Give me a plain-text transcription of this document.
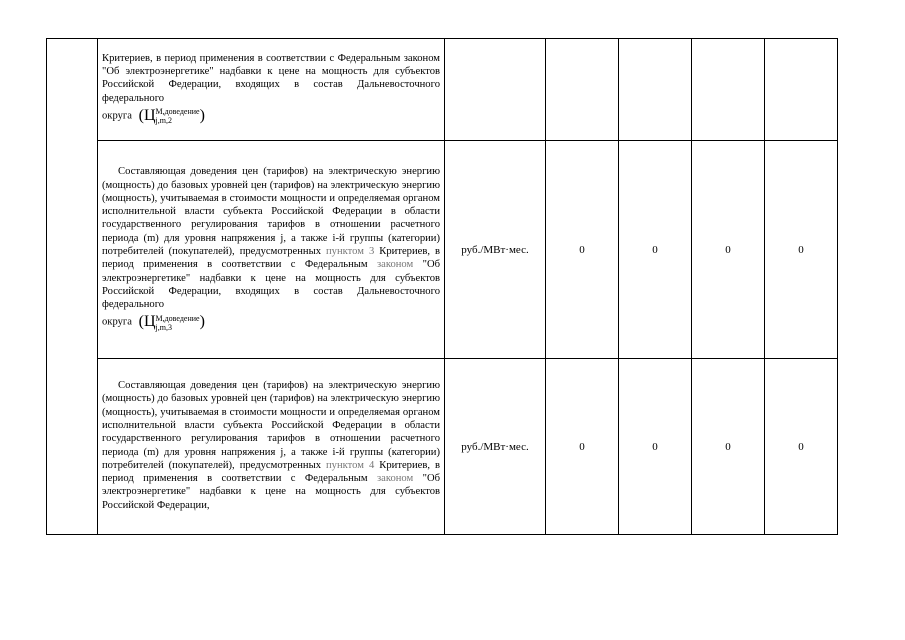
	Критериев, в период применения в соответствии с Федеральным законом "Об электроэнергетике" надбавки к цене на мощность для субъектов Российской Федерации, входящих в состав Дальневосточного федерального
округа (ЦМ,доведение
j,m,2 )					

	Составляющая доведения цен (тарифов) на электрическую энергию (мощность) до базовых уровней цен (тарифов) на электрическую энергию (мощность), учитываемая в стоимости мощности и определяемая органом исполнительной власти субъекта Российской Федерации в области государственного регулирования тарифов в отношении расчетного периода (m) для уровня напряжения j, а также i-й группы (категории) потребителей (покупателей), предусмотренных пунктом 3 Критериев, в период применения в соответствии с Федеральным законом "Об электроэнергетике" надбавки к цене на мощность для субъектов Российской Федерации, входящих в состав Дальневосточного федерального
округа (ЦМ,доведение
j,m,3 )	руб./МВт·мес.	0	0	0	0

	Составляющая доведения цен (тарифов) на электрическую энергию (мощность) до базовых уровней цен (тарифов) на электрическую энергию (мощность), учитываемая в стоимости мощности и определяемая органом исполнительной власти субъекта Российской Федерации в области государственного регулирования тарифов в отношении расчетного периода (m) для уровня напряжения j, а также i-й группы (категории) потребителей (покупателей), предусмотренных пунктом 4 Критериев, в период применения в соответствии с Федеральным законом "Об электроэнергетике" надбавки к цене на мощность для субъектов Российской Федерации,	руб./МВт·мес.	0	0	0	0
